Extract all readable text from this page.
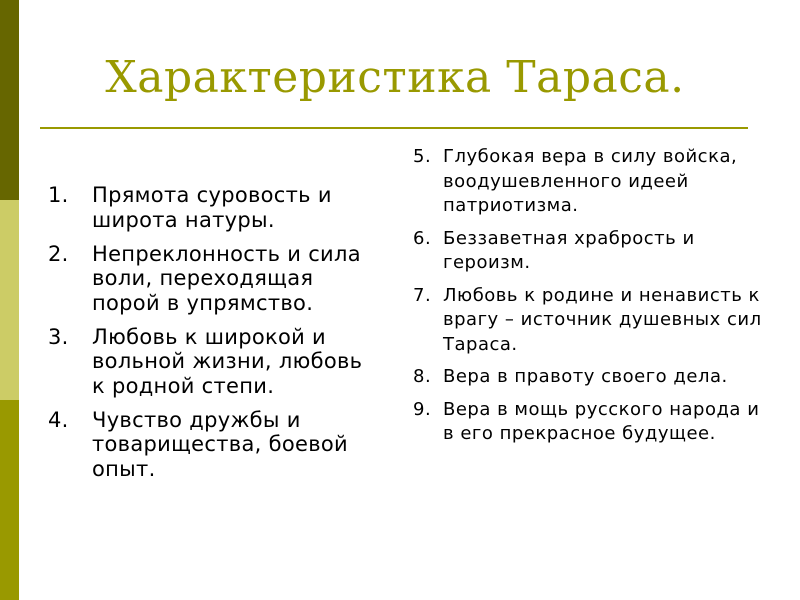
Характеристика Тараса.
1. Прямота суровость и широта натуры.
2. Непреклонность и сила воли, переходящая порой в упрямство.
3. Любовь к широкой и вольной жизни, любовь к родной степи.
4. Чувство дружбы и товарищества, боевой опыт.
5. Глубокая вера в силу войска, воодушевленного идеей патриотизма.
6. Беззаветная храбрость и героизм.
7. Любовь к родине и ненависть к врагу – источник душевных сил Тараса.
8. Вера в правоту своего дела.
9. Вера в мощь русского народа и в его прекрасное будущее.
